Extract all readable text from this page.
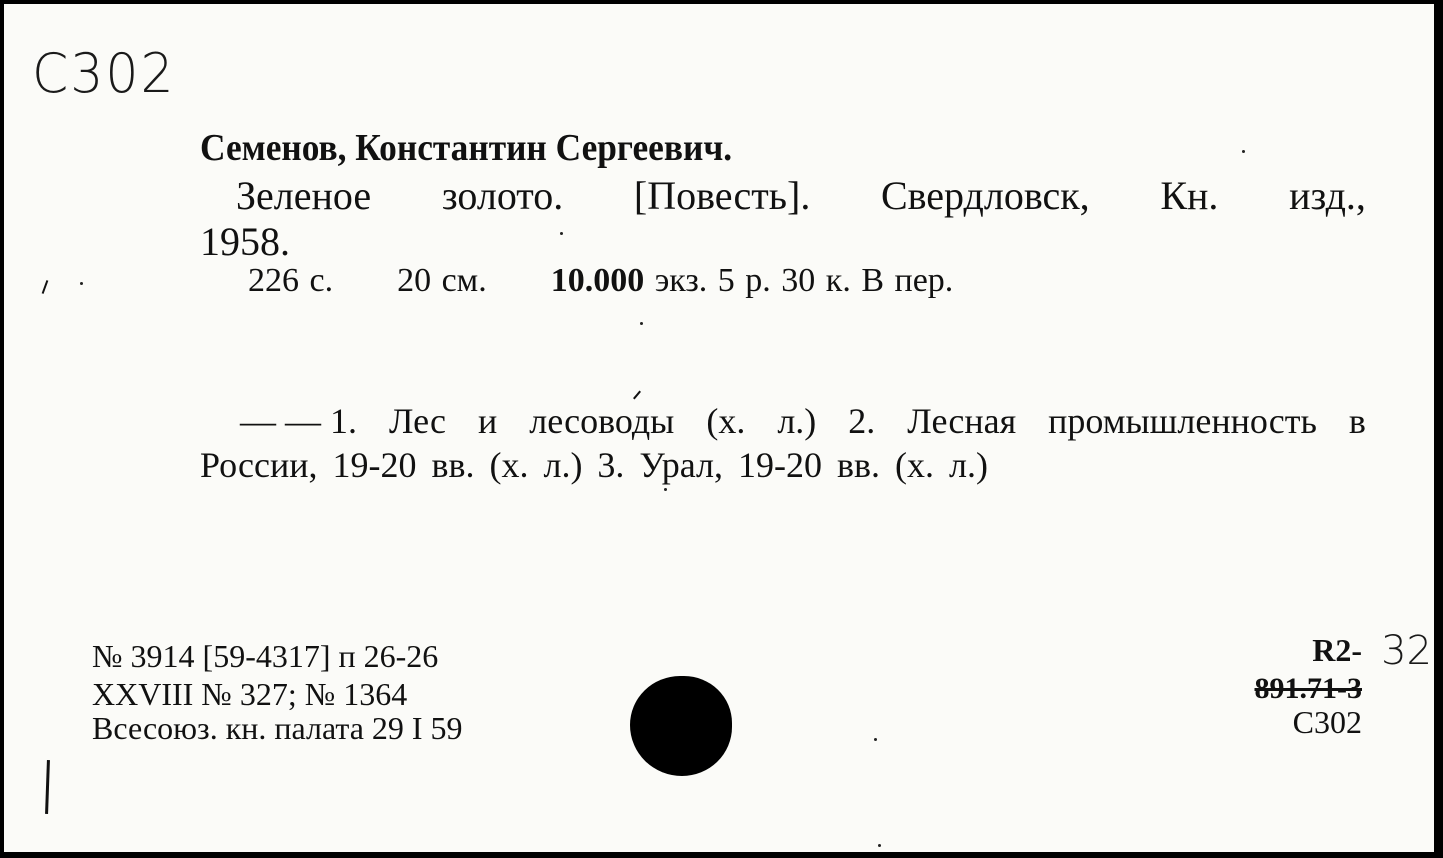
С302
Семенов, Константин Сергеевич.
Зеленое золото. [Повесть]. Свердловск, Кн. изд.,
1958.
226 с. 20 см. 10.000 экз. 5 р. 30 к. В пер.
— — 1. Лес и лесоводы (х. л.) 2. Лесная промышленность в
России, 19-20 вв. (х. л.) 3. Урал, 19-20 вв. (х. л.)
№ 3914 [59-4317] п 26-26
XXVIII № 327; № 1364
Всесоюз. кн. палата 29 I 59
R2- 32
891.71-3
С302
